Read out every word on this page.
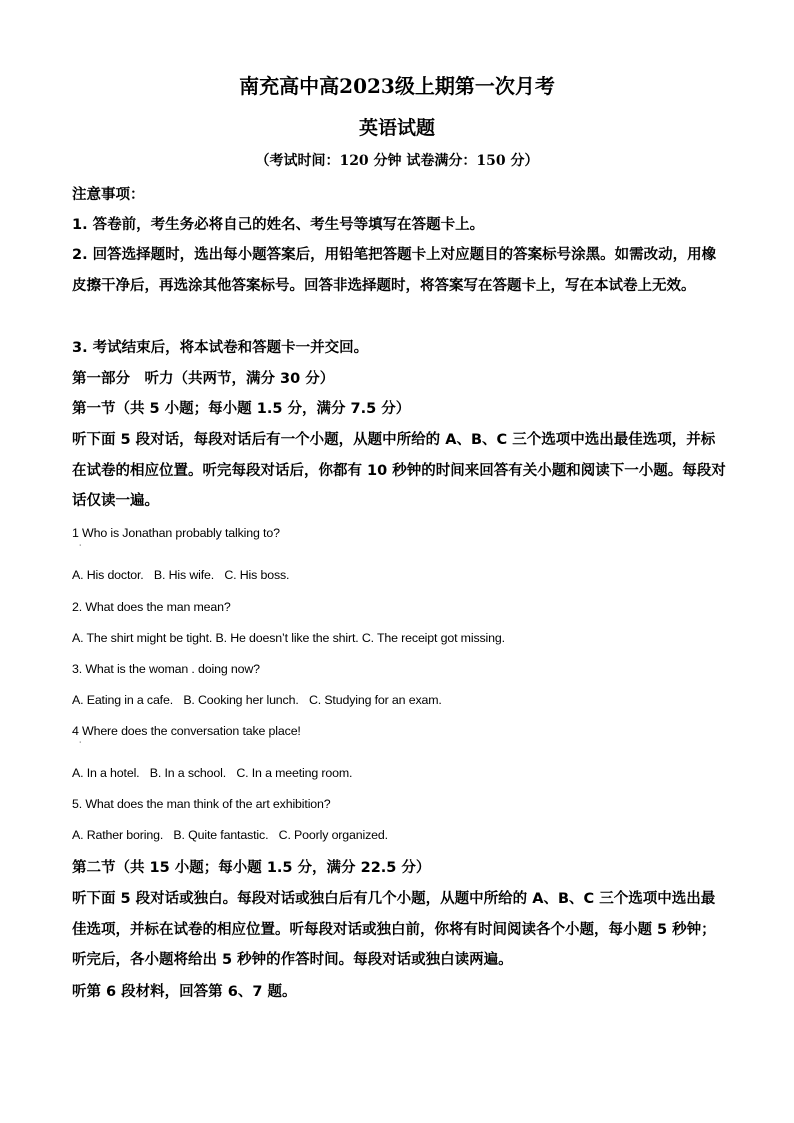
南充高中高2023级上期第一次月考
英语试题
（考试时间：120 分钟 试卷满分：150 分）

注意事项：

1. 答卷前，考生务必将自己的姓名、考生号等填写在答题卡上。

2. 回答选择题时，选出每小题答案后，用铅笔把答题卡上对应题目的答案标号涂黑。如需改动，用橡皮擦干净后，再选涂其他答案标号。回答非选择题时，将答案写在答题卡上，写在本试卷上无效。

3. 考试结束后，将本试卷和答题卡一并交回。

第一部分　听力（共两节，满分 30 分）

第一节（共 5 小题；每小题 1.5 分，满分 7.5 分）

听下面 5 段对话，每段对话后有一个小题，从题中所给的 A、B、C 三个选项中选出最佳选项，并标在试卷的相应位置。听完每段对话后，你都有 10 秒钟的时间来回答有关小题和阅读下一小题。每段对话仅读一遍。

1 Who is Jonathan probably talking to?

˙

A. His doctor. B. His wife. C. His boss.

2. What does the man mean?

A. The shirt might be tight. B. He doesn’t like the shirt. C. The receipt got missing.

3. What is the woman . doing now?

A. Eating in a cafe. B. Cooking her lunch. C. Studying for an exam.

4 Where does the conversation take place!

˙

A. In a hotel. B. In a school. C. In a meeting room.

5. What does the man think of the art exhibition?

A. Rather boring. B. Quite fantastic. C. Poorly organized.

第二节（共 15 小题；每小题 1.5 分，满分 22.5 分）

听下面 5 段对话或独白。每段对话或独白后有几个小题，从题中所给的 A、B、C 三个选项中选出最佳选项，并标在试卷的相应位置。听每段对话或独白前，你将有时间阅读各个小题，每小题 5 秒钟；听完后，各小题将给出 5 秒钟的作答时间。每段对话或独白读两遍。

听第 6 段材料，回答第 6、7 题。
